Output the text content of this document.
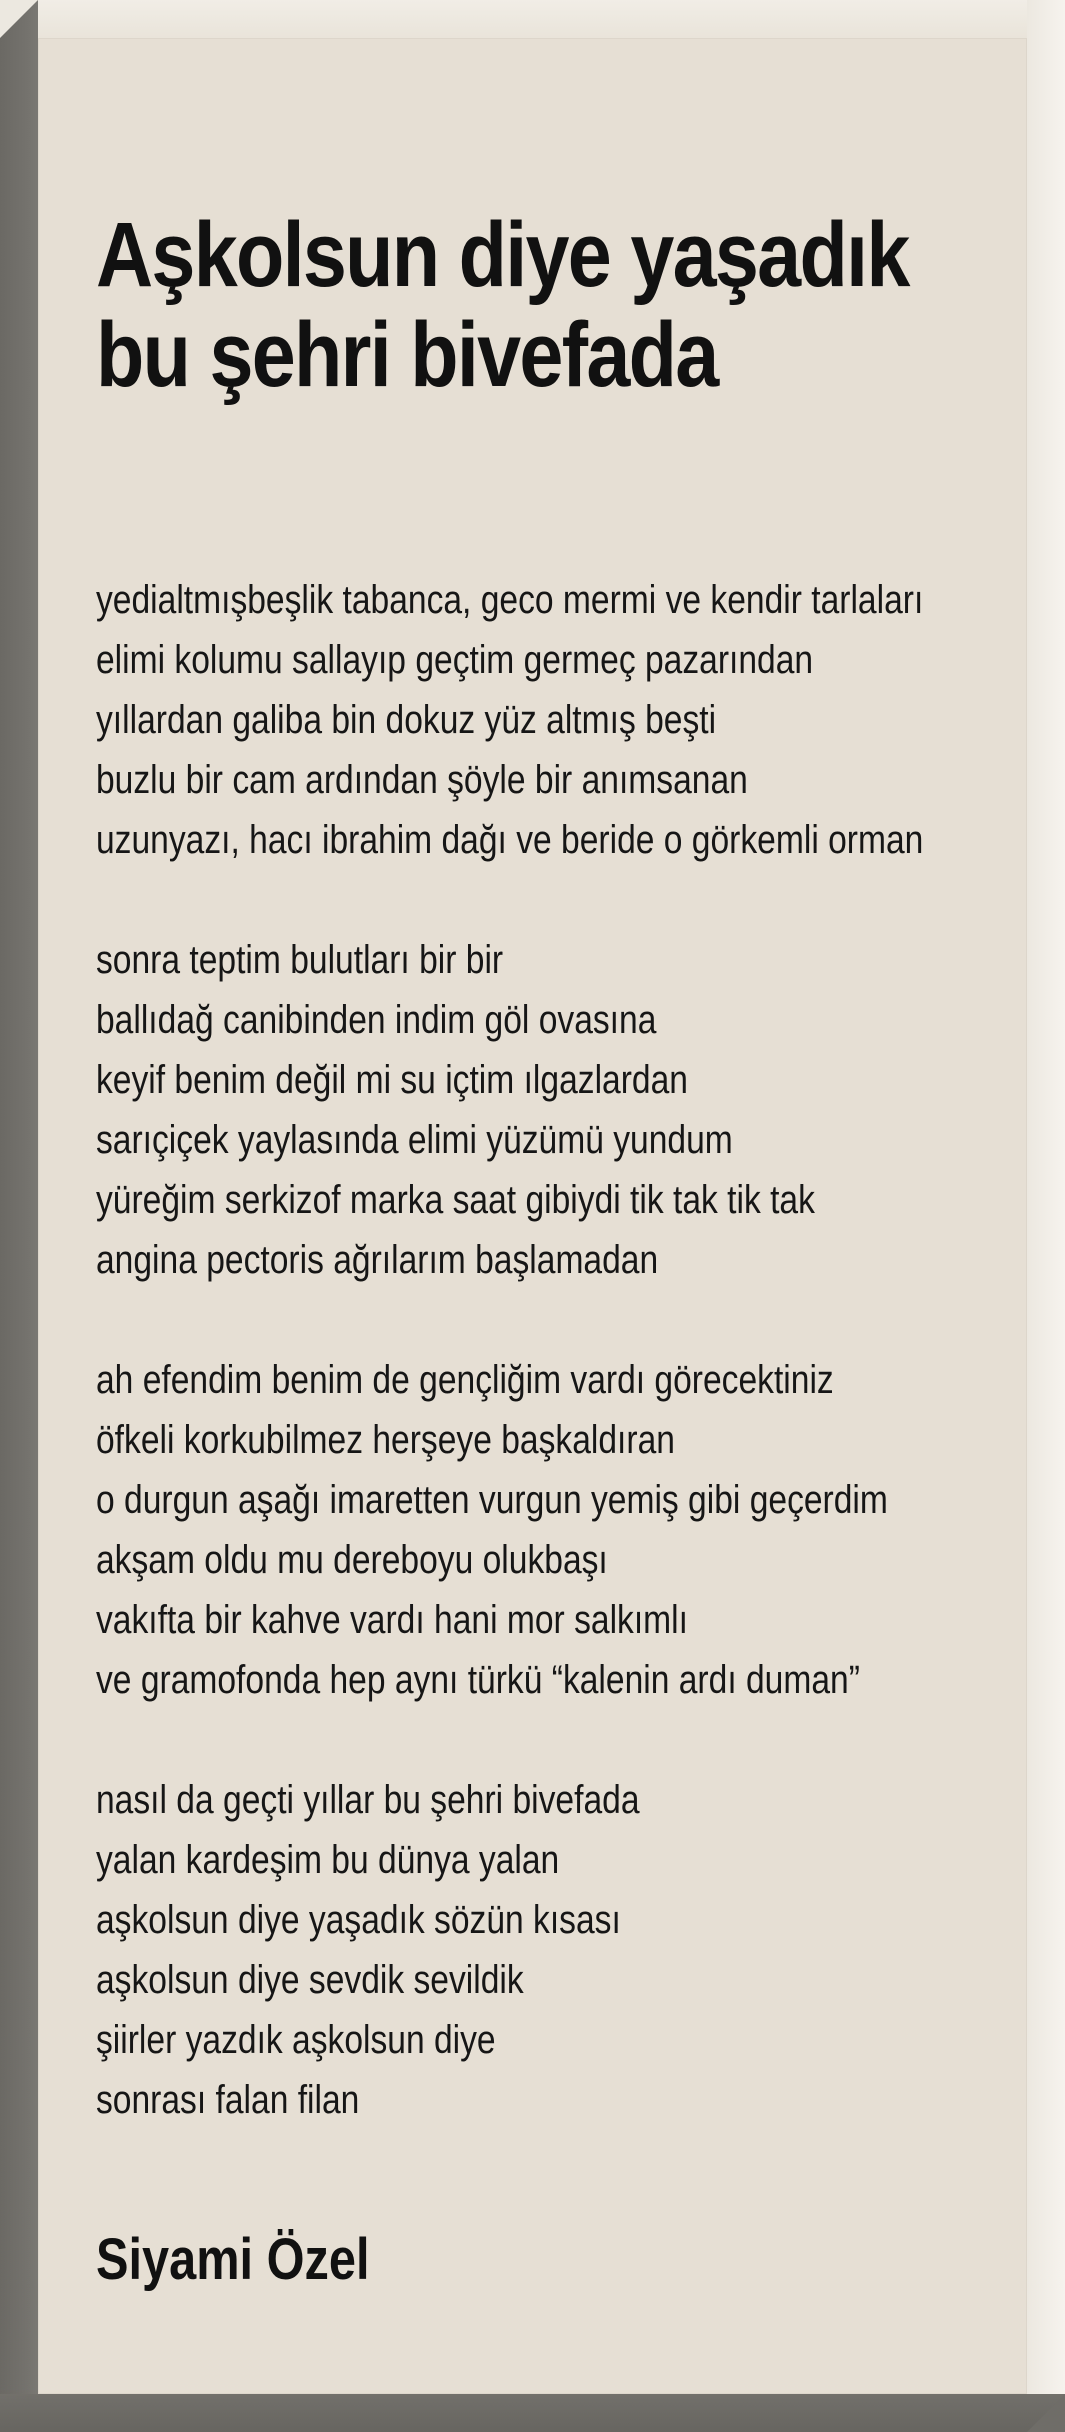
Aşkolsun diye yaşadık
bu şehri bivefada
yedialtmışbeşlik tabanca, geco mermi ve kendir tarlaları
elimi kolumu sallayıp geçtim germeç pazarından
yıllardan galiba bin dokuz yüz altmış beşti
buzlu bir cam ardından şöyle bir anımsanan
uzunyazı, hacı ibrahim dağı ve beride o görkemli orman
sonra teptim bulutları bir bir
ballıdağ canibinden indim göl ovasına
keyif benim değil mi su içtim ılgazlardan
sarıçiçek yaylasında elimi yüzümü yundum
yüreğim serkizof marka saat gibiydi tik tak tik tak
angina pectoris ağrılarım başlamadan
ah efendim benim de gençliğim vardı görecektiniz
öfkeli korkubilmez herşeye başkaldıran
o durgun aşağı imaretten vurgun yemiş gibi geçerdim
akşam oldu mu dereboyu olukbaşı
vakıfta bir kahve vardı hani mor salkımlı
ve gramofonda hep aynı türkü “kalenin ardı duman”
nasıl da geçti yıllar bu şehri bivefada
yalan kardeşim bu dünya yalan
aşkolsun diye yaşadık sözün kısası
aşkolsun diye sevdik sevildik
şiirler yazdık aşkolsun diye
sonrası falan filan
Siyami Özel
